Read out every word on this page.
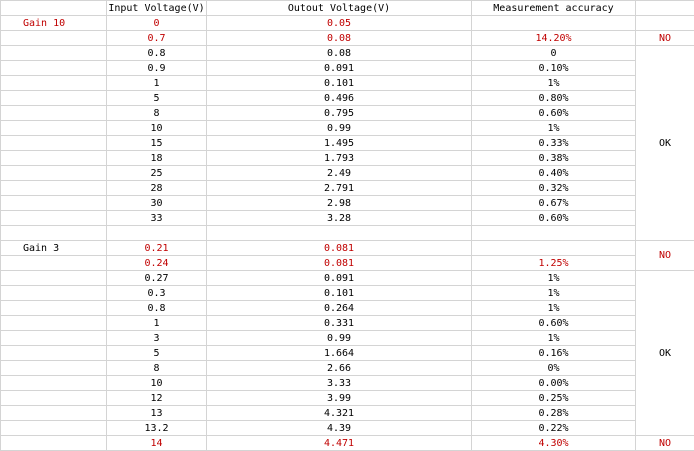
	Input Voltage(V)	Outout Voltage(V)	Measurement accuracy	
Gain 10	0	0.05		
	0.7	0.08	14.20%	NO
	0.8	0.08	0	OK
	0.9	0.091	0.10%	
	1	0.101	1%	
	5	0.496	0.80%	
	8	0.795	0.60%	
	10	0.99	1%	
	15	1.495	0.33%	
	18	1.793	0.38%	
	25	2.49	0.40%	
	28	2.791	0.32%	
	30	2.98	0.67%	
	33	3.28	0.60%	

Gain 3	0.21	0.081		NO
	0.24	0.081	1.25%	
	0.27	0.091	1%	OK
	0.3	0.101	1%	
	0.8	0.264	1%	
	1	0.331	0.60%	
	3	0.99	1%	
	5	1.664	0.16%	
	8	2.66	0%	
	10	3.33	0.00%	
	12	3.99	0.25%	
	13	4.321	0.28%	
	13.2	4.39	0.22%	
	14	4.471	4.30%	NO
